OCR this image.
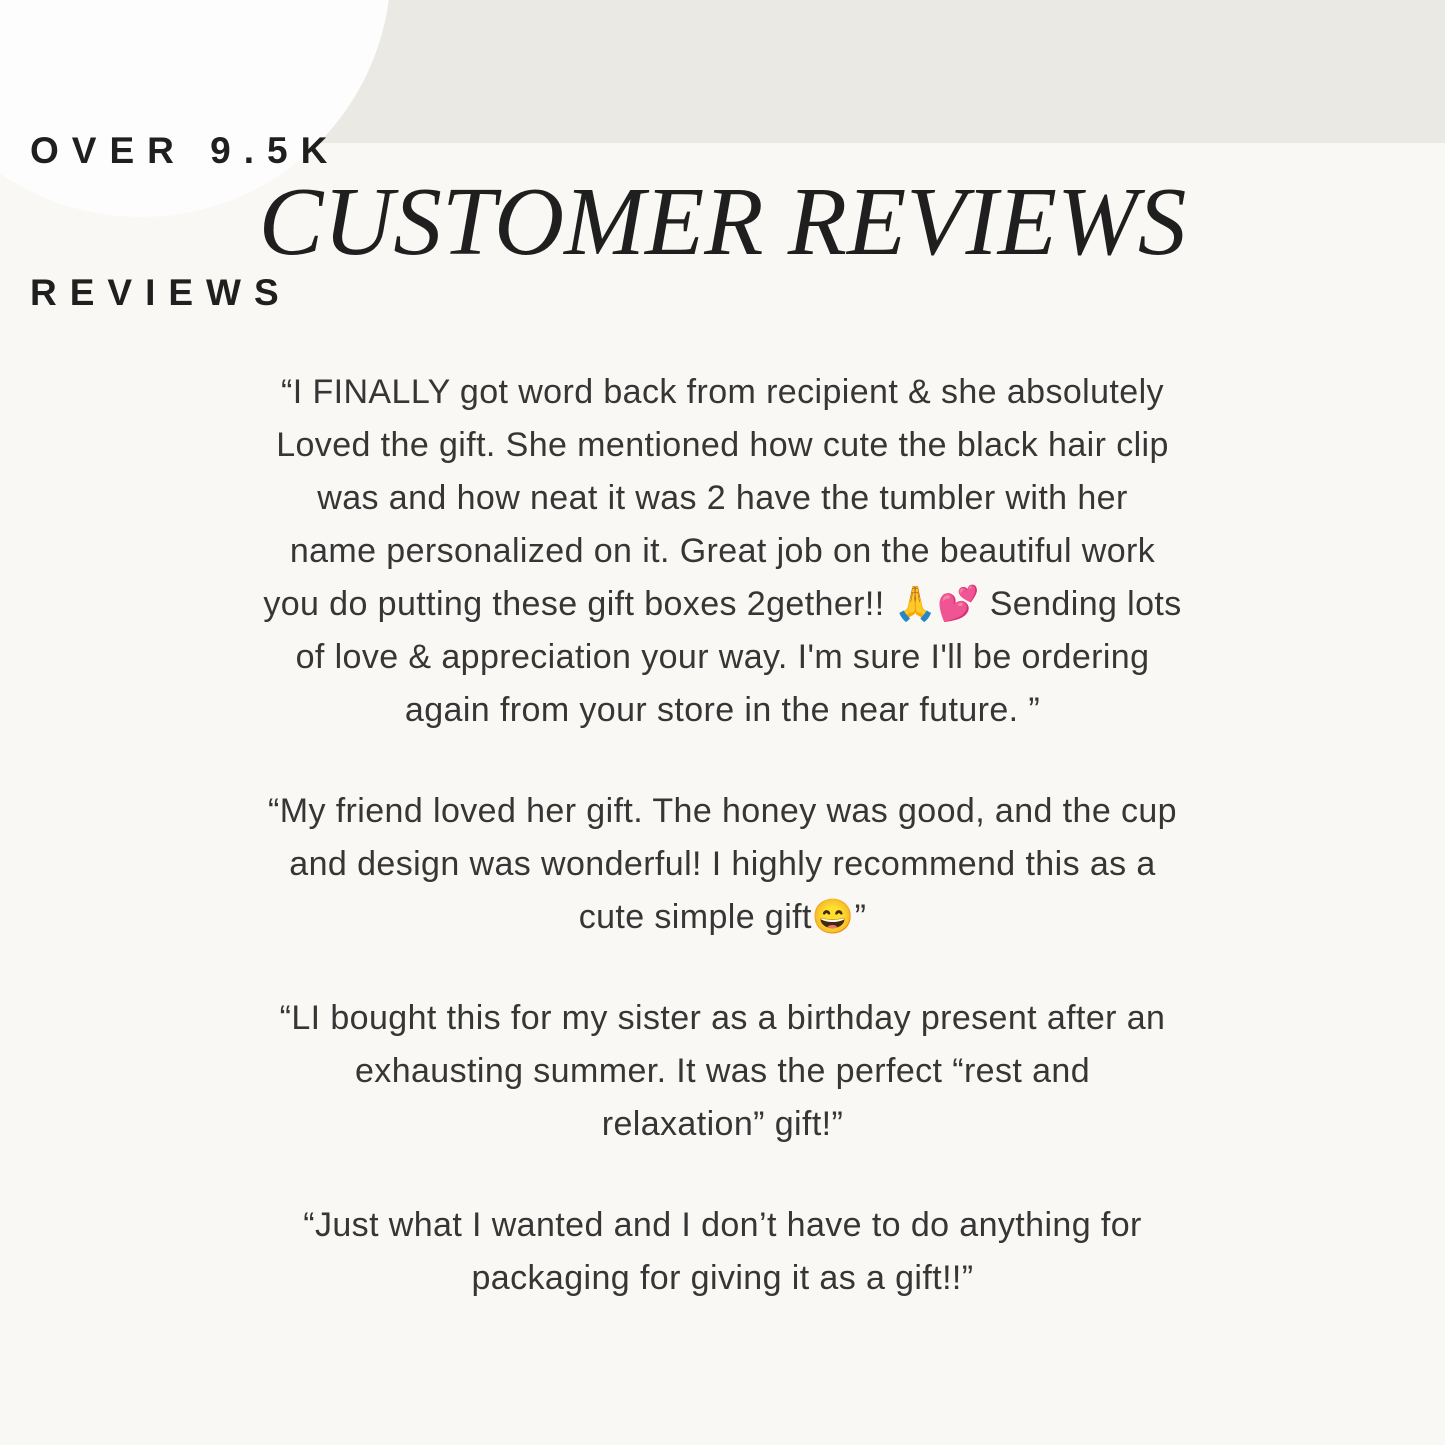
OVER 9.5K

REVIEWS

CUSTOMER REVIEWS

“I FINALLY got word back from recipient & she absolutely
Loved the gift. She mentioned how cute the black hair clip
was and how neat it was 2 have the tumbler with her
name personalized on it. Great job on the beautiful work
you do putting these gift boxes 2gether!! 🙏💕 Sending lots
of love & appreciation your way. I'm sure I'll be ordering
again from your store in the near future. ”

“My friend loved her gift. The honey was good, and the cup
and design was wonderful! I highly recommend this as a
cute simple gift😄”

“LI bought this for my sister as a birthday present after an
exhausting summer. It was the perfect “rest and
relaxation” gift!”

“Just what I wanted and I don’t have to do anything for
packaging for giving it as a gift!!”
